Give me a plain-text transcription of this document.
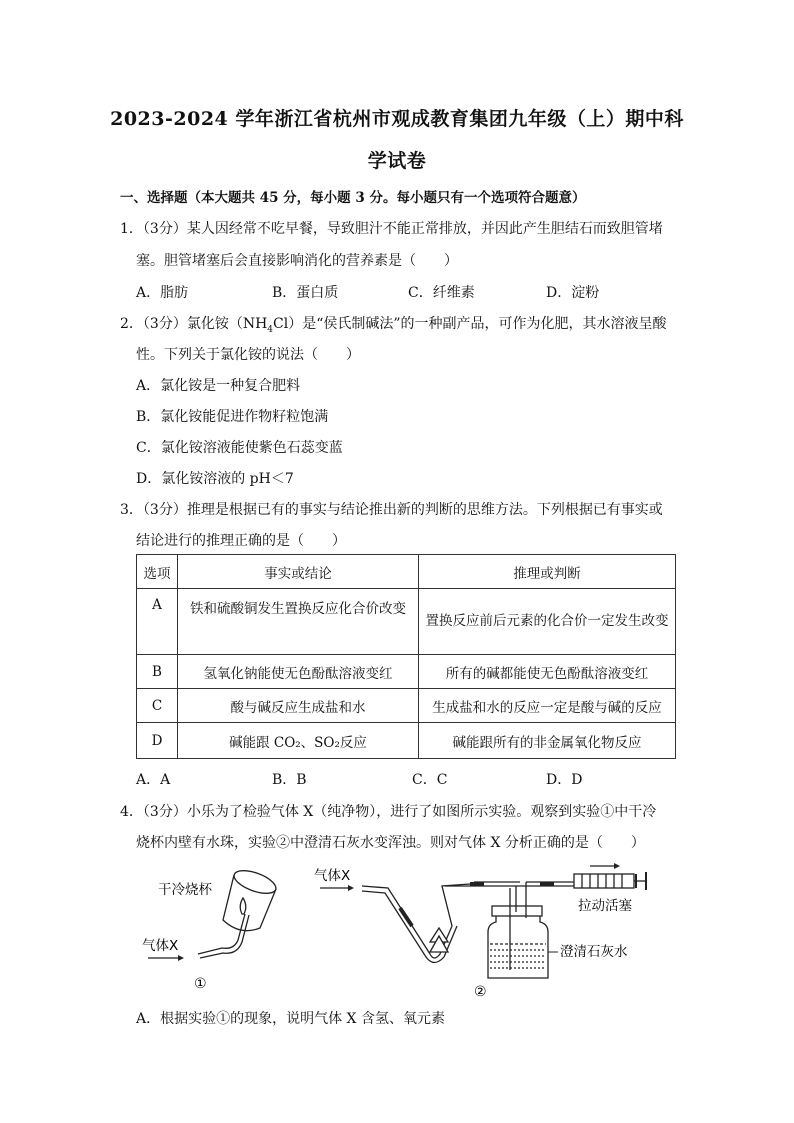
2023-2024 学年浙江省杭州市观成教育集团九年级（上）期中科
学试卷
一、选择题（本大题共 45 分，每小题 3 分。每小题只有一个选项符合题意）
1．（3分）某人因经常不吃早餐，导致胆汁不能正常排放，并因此产生胆结石而致胆管堵
塞。胆管堵塞后会直接影响消化的营养素是（　　）
A．脂肪	B．蛋白质	C．纤维素	D．淀粉
2．（3分）氯化铵$(NH_4Cl)$是“侯氏制碱法”的一种副产品，可作为化肥，其水溶液呈酸
性。下列关于氯化铵的说法（　　）
A．氯化铵是一种复合肥料
B．氯化铵能促进作物籽粒饱满
C．氯化铵溶液能使紫色石蕊变蓝
D．氯化铵溶液的 pH＜7
3．（3分）推理是根据已有的事实与结论推出新的判断的思维方法。下列根据已有事实或
结论进行的推理正确的是（　　）
选项	事实或结论	推理或判断
A	铁和硫酸铜发生置换反应化合价改变	置换反应前后元素的化合价一定发生改变
B	氢氧化钠能使无色酚酞溶液变红	所有的碱都能使无色酚酞溶液变红
C	酸与碱反应生成盐和水	生成盐和水的反应一定是酸与碱的反应
D	碱能跟 CO₂、SO₂反应	碱能跟所有的非金属氧化物反应
A．A	B．B	C．C	D．D
4．（3分）小乐为了检验气体 X（纯净物），进行了如图所示实验。观察到实验①中干冷
烧杯内壁有水珠，实验②中澄清石灰水变浑浊。则对气体 X 分析正确的是（　　）
干冷烧杯
气体X
①
气体X
拉动活塞
澄清石灰水
②
A．根据实验①的现象，说明气体 X 含氢、氧元素
